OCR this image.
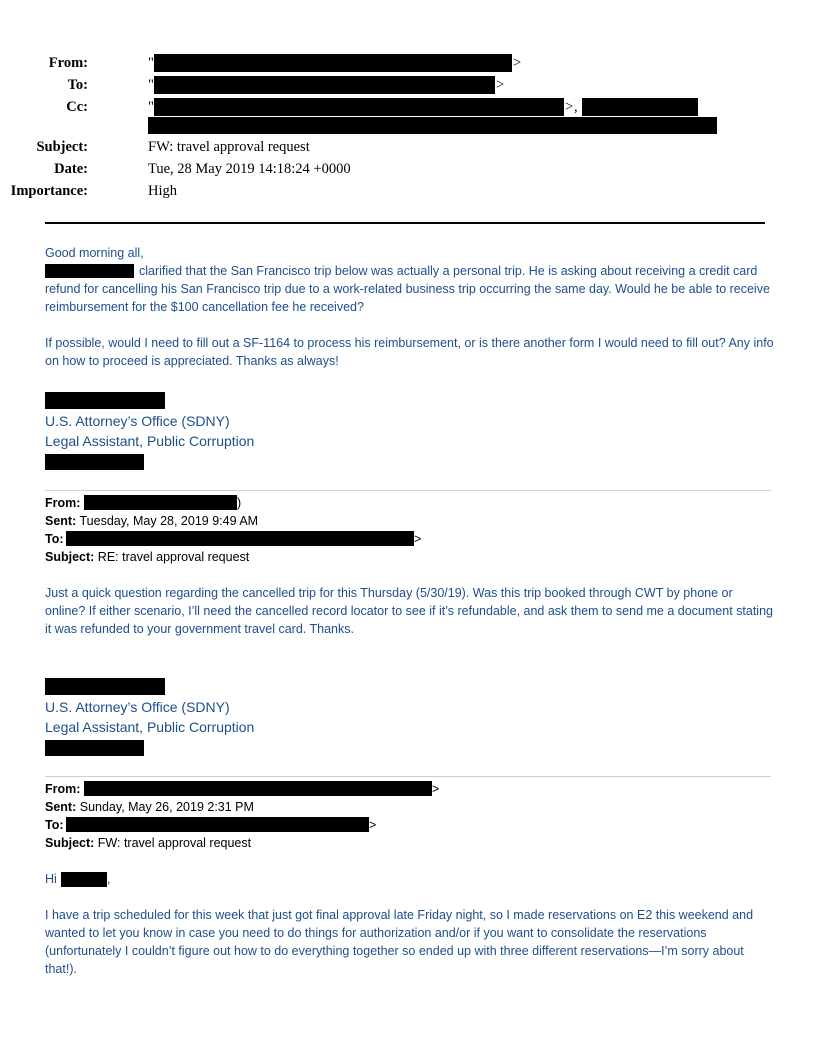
From:	"	>
To:	"	>
Cc:	"	> ,
Subject:	FW: travel approval request
Date:	Tue, 28 May 2019 14:18:24 +0000
Importance:	High
Good morning all,
clarified that the San Francisco trip below was actually a personal trip. He is asking about receiving a credit card refund for cancelling his San Francisco trip due to a work-related business trip occurring the same day. Would he be able to receive reimbursement for the $100 cancellation fee he received?
If possible, would I need to fill out a SF-1164 to process his reimbursement, or is there another form I would need to fill out? Any info on how to proceed is appreciated. Thanks as always!
U.S. Attorney’s Office (SDNY)
Legal Assistant, Public Corruption
From:	)
Sent: Tuesday, May 28, 2019 9:49 AM
To:	>
Subject: RE: travel approval request
Just a quick question regarding the cancelled trip for this Thursday (5/30/19). Was this trip booked through CWT by phone or online? If either scenario, I’ll need the cancelled record locator to see if it’s refundable, and ask them to send me a document stating it was refunded to your government travel card. Thanks.
U.S. Attorney’s Office (SDNY)
Legal Assistant, Public Corruption
From:	>
Sent: Sunday, May 26, 2019 2:31 PM
To:	>
Subject: FW: travel approval request
Hi	,
I have a trip scheduled for this week that just got final approval late Friday night, so I made reservations on E2 this weekend and wanted to let you know in case you need to do things for authorization and/or if you want to consolidate the reservations (unfortunately I couldn’t figure out how to do everything together so ended up with three different reservations—I’m sorry about that!).
